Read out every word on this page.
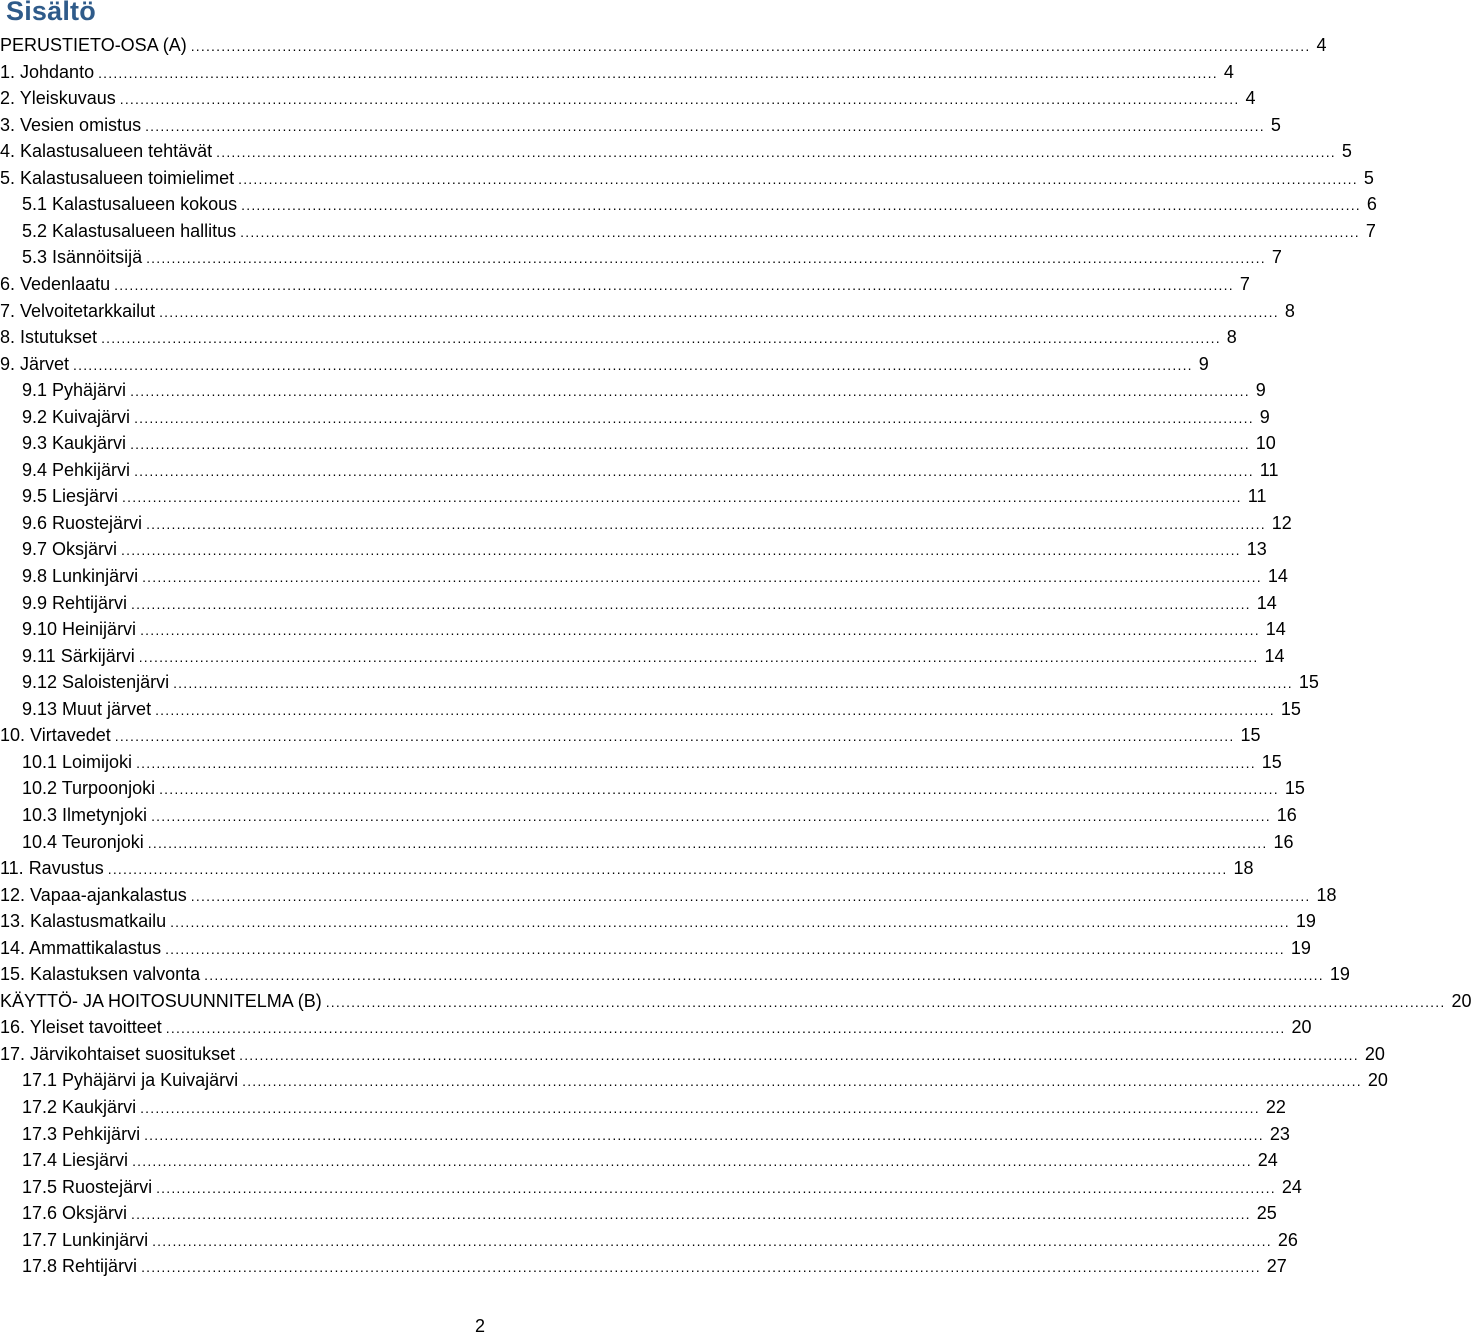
Sisältö
PERUSTIETO-OSA (A) ............................................................................................................................................................................................................................ 4
1. Johdanto ............................................................................................................................................................................................................................ 4
2. Yleiskuvaus ............................................................................................................................................................................................................................ 4
3. Vesien omistus ............................................................................................................................................................................................................................ 5
4. Kalastusalueen tehtävät ............................................................................................................................................................................................................................ 5
5. Kalastusalueen toimielimet ............................................................................................................................................................................................................................ 5
5.1 Kalastusalueen kokous ............................................................................................................................................................................................................................ 6
5.2 Kalastusalueen hallitus ............................................................................................................................................................................................................................ 7
5.3 Isännöitsijä ............................................................................................................................................................................................................................ 7
6. Vedenlaatu ............................................................................................................................................................................................................................ 7
7. Velvoitetarkkailut ............................................................................................................................................................................................................................ 8
8. Istutukset ............................................................................................................................................................................................................................ 8
9. Järvet ............................................................................................................................................................................................................................ 9
9.1 Pyhäjärvi ............................................................................................................................................................................................................................ 9
9.2 Kuivajärvi ............................................................................................................................................................................................................................ 9
9.3 Kaukjärvi ............................................................................................................................................................................................................................ 10
9.4 Pehkijärvi ............................................................................................................................................................................................................................ 11
9.5 Liesjärvi ............................................................................................................................................................................................................................ 11
9.6 Ruostejärvi ............................................................................................................................................................................................................................ 12
9.7 Oksjärvi ............................................................................................................................................................................................................................ 13
9.8 Lunkinjärvi ............................................................................................................................................................................................................................ 14
9.9 Rehtijärvi ............................................................................................................................................................................................................................ 14
9.10 Heinijärvi ............................................................................................................................................................................................................................ 14
9.11 Särkijärvi ............................................................................................................................................................................................................................ 14
9.12 Saloistenjärvi ............................................................................................................................................................................................................................ 15
9.13 Muut järvet ............................................................................................................................................................................................................................ 15
10. Virtavedet ............................................................................................................................................................................................................................ 15
10.1 Loimijoki ............................................................................................................................................................................................................................ 15
10.2 Turpoonjoki ............................................................................................................................................................................................................................ 15
10.3 Ilmetynjoki ............................................................................................................................................................................................................................ 16
10.4 Teuronjoki ............................................................................................................................................................................................................................ 16
11. Ravustus ............................................................................................................................................................................................................................ 18
12. Vapaa-ajankalastus ............................................................................................................................................................................................................................ 18
13. Kalastusmatkailu ............................................................................................................................................................................................................................ 19
14. Ammattikalastus ............................................................................................................................................................................................................................ 19
15. Kalastuksen valvonta ............................................................................................................................................................................................................................ 19
KÄYTTÖ- JA HOITOSUUNNITELMA (B) ............................................................................................................................................................................................................................ 20
16. Yleiset tavoitteet ............................................................................................................................................................................................................................ 20
17. Järvikohtaiset suositukset ............................................................................................................................................................................................................................ 20
17.1 Pyhäjärvi ja Kuivajärvi ............................................................................................................................................................................................................................ 20
17.2 Kaukjärvi ............................................................................................................................................................................................................................ 22
17.3 Pehkijärvi ............................................................................................................................................................................................................................ 23
17.4 Liesjärvi ............................................................................................................................................................................................................................ 24
17.5 Ruostejärvi ............................................................................................................................................................................................................................ 24
17.6 Oksjärvi ............................................................................................................................................................................................................................ 25
17.7 Lunkinjärvi ............................................................................................................................................................................................................................ 26
17.8 Rehtijärvi ............................................................................................................................................................................................................................ 27
2
